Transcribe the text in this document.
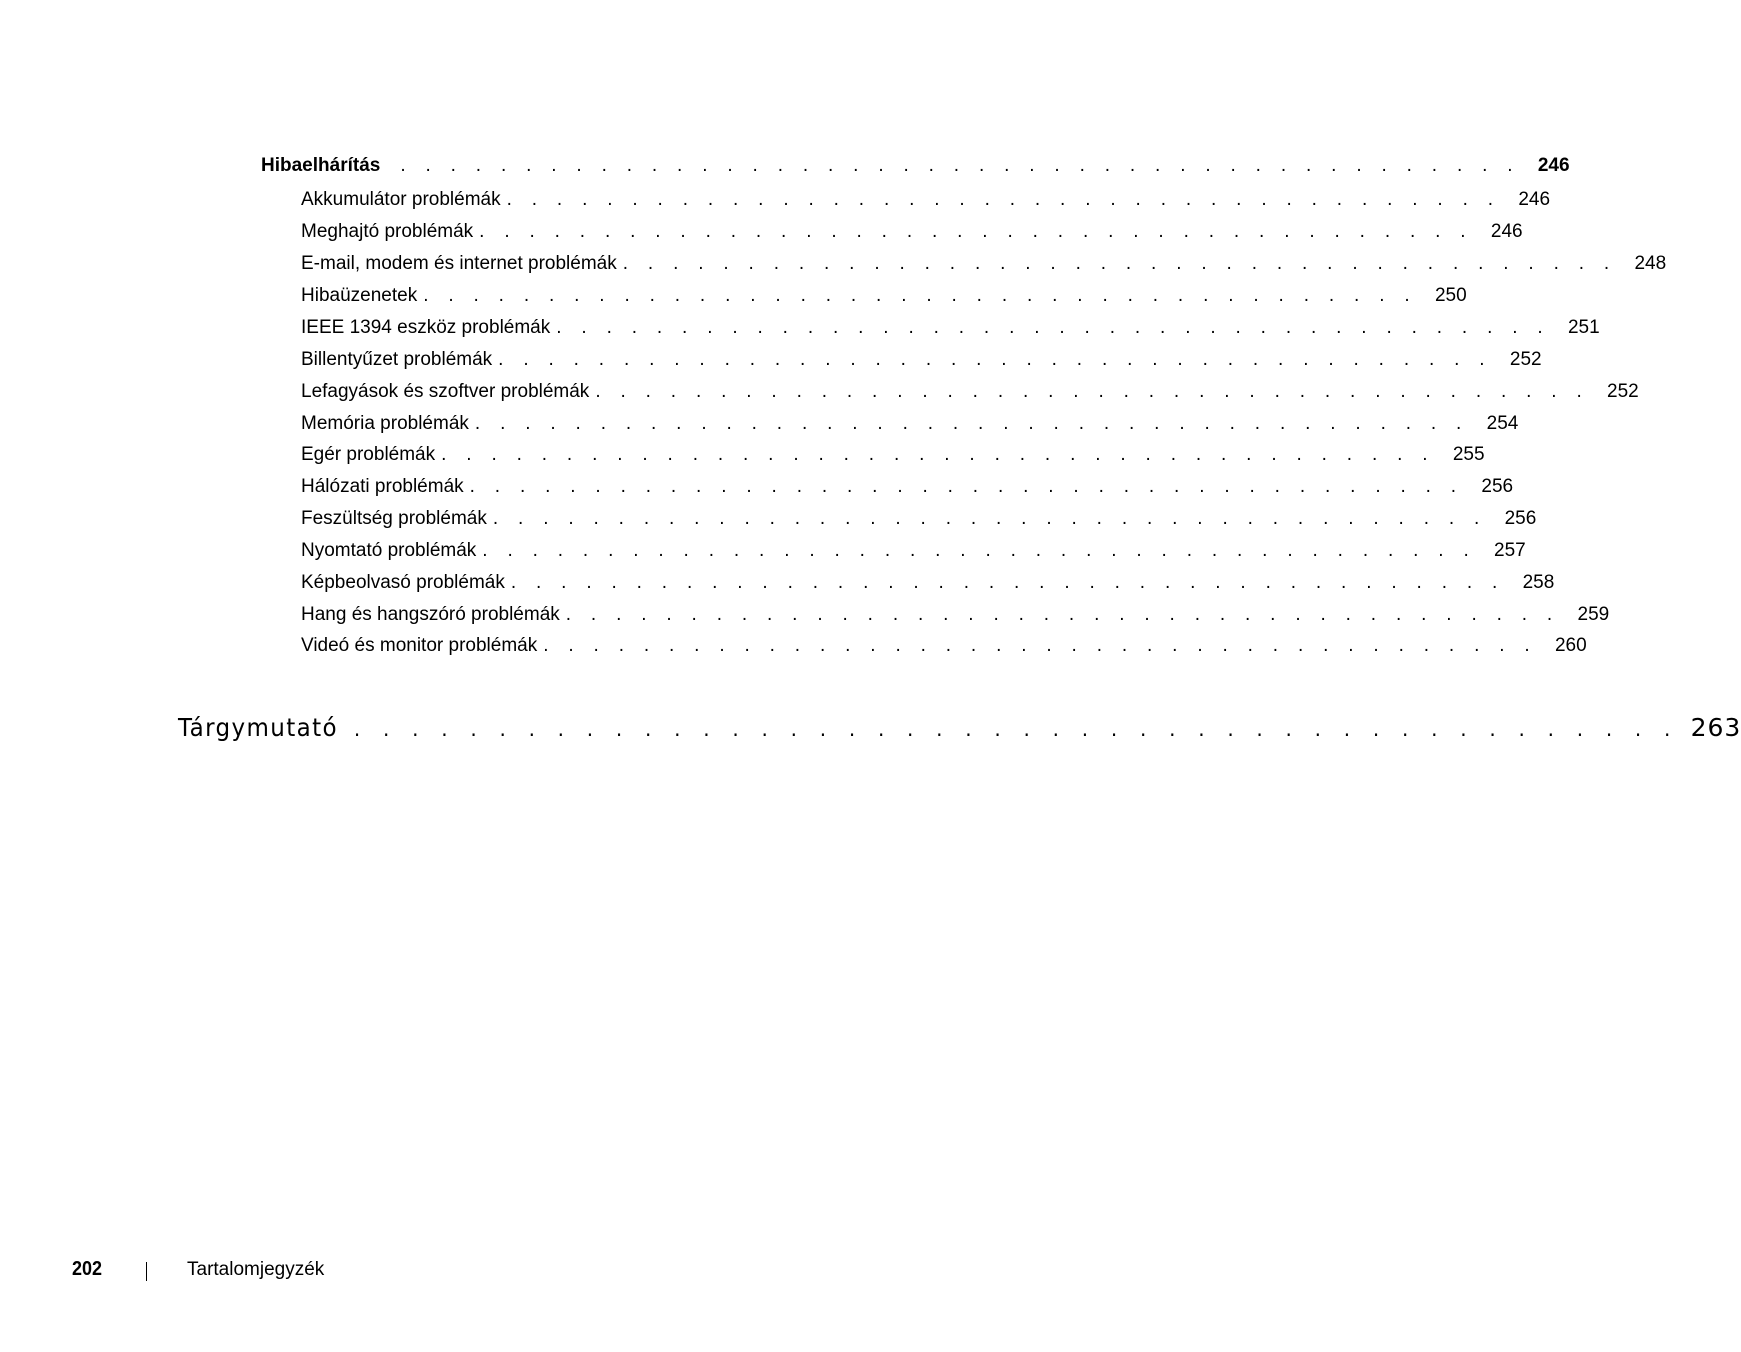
Hibaelhárítás . . . . . . . . . . . . . . . . . . . . . . . . . . . . . . . . . . . . . . . . . . . . . 246
Akkumulátor problémák . . . . . . . . . . . . . . . . . . . . . . . . . . . . . . . . . . . . . . . . 246
Meghajtó problémák . . . . . . . . . . . . . . . . . . . . . . . . . . . . . . . . . . . . . . . . 246
E-mail, modem és internet problémák . . . . . . . . . . . . . . . . . . . . . . . . . . . . . . . . . . . . . . . . 248
Hibaüzenetek . . . . . . . . . . . . . . . . . . . . . . . . . . . . . . . . . . . . . . . . 250
IEEE 1394 eszköz problémák . . . . . . . . . . . . . . . . . . . . . . . . . . . . . . . . . . . . . . . . 251
Billentyűzet problémák . . . . . . . . . . . . . . . . . . . . . . . . . . . . . . . . . . . . . . . . 252
Lefagyások és szoftver problémák . . . . . . . . . . . . . . . . . . . . . . . . . . . . . . . . . . . . . . . . 252
Memória problémák . . . . . . . . . . . . . . . . . . . . . . . . . . . . . . . . . . . . . . . . 254
Egér problémák . . . . . . . . . . . . . . . . . . . . . . . . . . . . . . . . . . . . . . . . 255
Hálózati problémák . . . . . . . . . . . . . . . . . . . . . . . . . . . . . . . . . . . . . . . . 256
Feszültség problémák . . . . . . . . . . . . . . . . . . . . . . . . . . . . . . . . . . . . . . . . 256
Nyomtató problémák . . . . . . . . . . . . . . . . . . . . . . . . . . . . . . . . . . . . . . . . 257
Képbeolvasó problémák . . . . . . . . . . . . . . . . . . . . . . . . . . . . . . . . . . . . . . . . 258
Hang és hangszóró problémák . . . . . . . . . . . . . . . . . . . . . . . . . . . . . . . . . . . . . . . . 259
Videó és monitor problémák . . . . . . . . . . . . . . . . . . . . . . . . . . . . . . . . . . . . . . . . 260
Tárgymutató . . . . . . . . . . . . . . . . . . . . . . . . . . . . . . . . . . . . . . . . . . . . . . 263
202	Tartalomjegyzék
